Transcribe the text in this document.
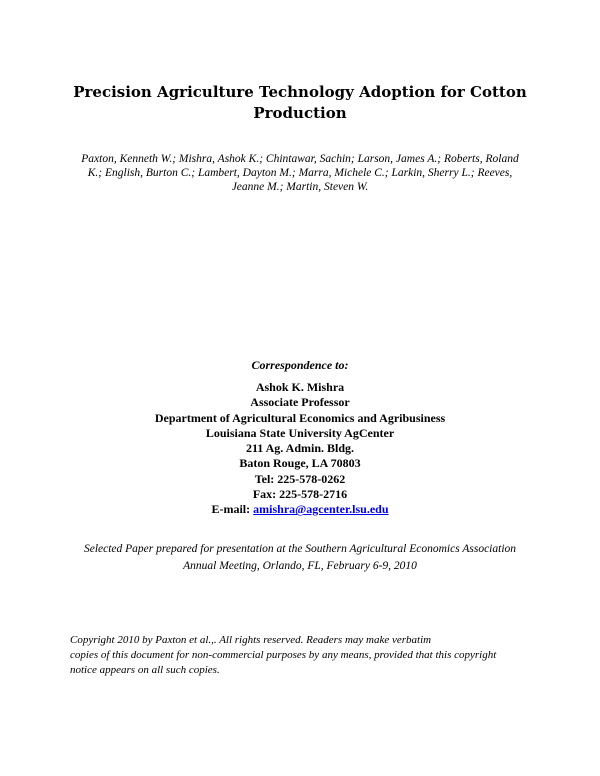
Precision Agriculture Technology Adoption for Cotton
Production
Paxton, Kenneth W.; Mishra, Ashok K.; Chintawar, Sachin; Larson, James A.; Roberts, Roland
K.; English, Burton C.; Lambert, Dayton M.; Marra, Michele C.; Larkin, Sherry L.; Reeves,
Jeanne M.; Martin, Steven W.
Correspondence to:
Ashok K. Mishra
Associate Professor
Department of Agricultural Economics and Agribusiness
Louisiana State University AgCenter
211 Ag. Admin. Bldg.
Baton Rouge, LA 70803
Tel: 225-578-0262
Fax: 225-578-2716
E-mail: amishra@agcenter.lsu.edu
Selected Paper prepared for presentation at the Southern Agricultural Economics Association
Annual Meeting, Orlando, FL, February 6-9, 2010
Copyright 2010 by Paxton et al.,. All rights reserved. Readers may make verbatim
copies of this document for non-commercial purposes by any means, provided that this copyright
notice appears on all such copies.
